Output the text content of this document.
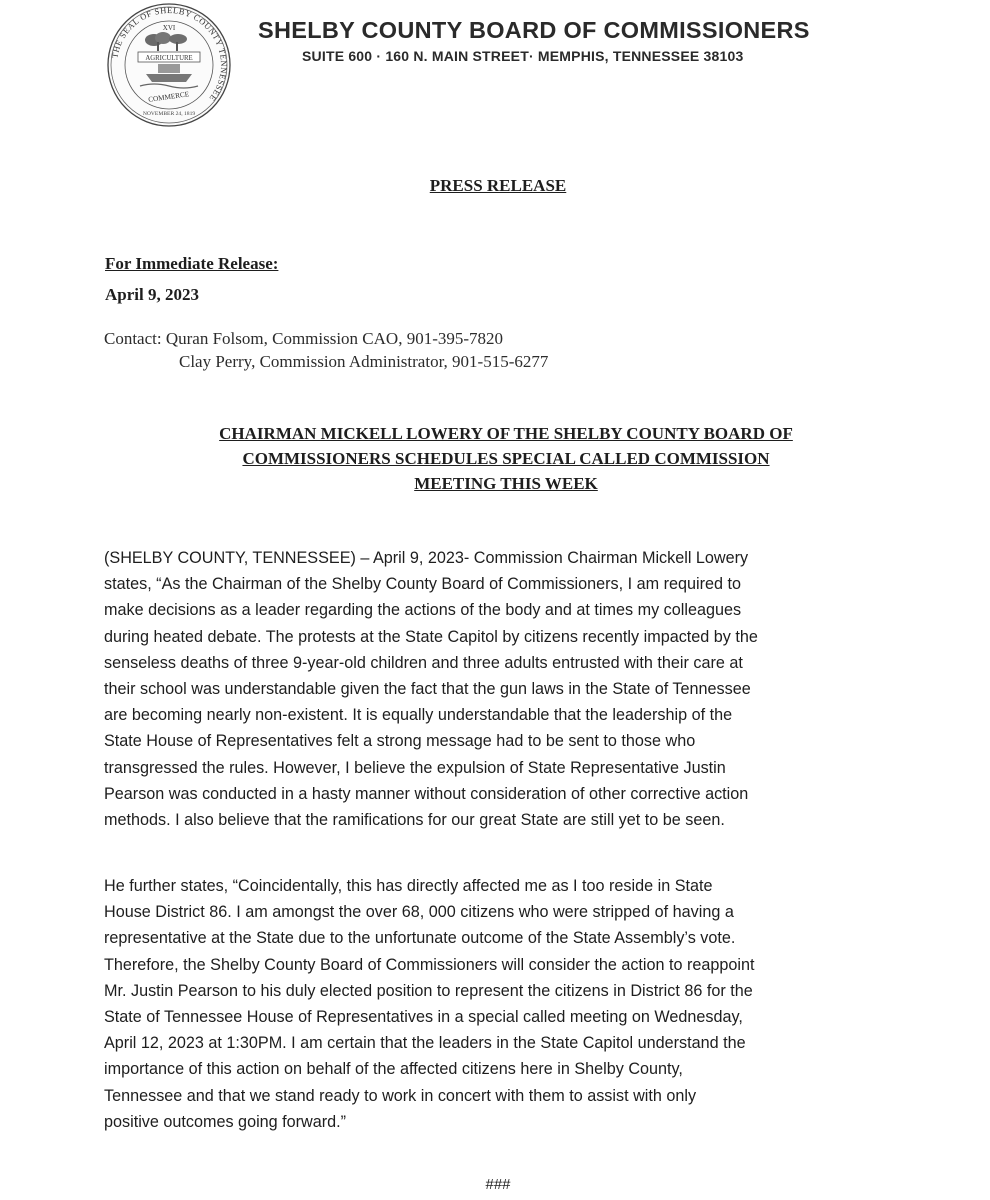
THE SEAL OF SHELBY COUNTY TENNESSEE
XVI
AGRICULTURE
COMMERCE
NOVEMBER 24, 1819
SHELBY COUNTY BOARD OF COMMISSIONERS
SUITE 600 · 160 N. MAIN STREET· MEMPHIS, TENNESSEE 38103
PRESS RELEASE
For Immediate Release:
April 9, 2023
Contact: Quran Folsom, Commission CAO, 901-395-7820
Clay Perry, Commission Administrator, 901-515-6277
CHAIRMAN MICKELL LOWERY OF THE SHELBY COUNTY BOARD OF
COMMISSIONERS SCHEDULES SPECIAL CALLED COMMISSION
MEETING THIS WEEK
(SHELBY COUNTY, TENNESSEE) – April 9, 2023- Commission Chairman Mickell Lowery
states, “As the Chairman of the Shelby County Board of Commissioners, I am required to
make decisions as a leader regarding the actions of the body and at times my colleagues
during heated debate. The protests at the State Capitol by citizens recently impacted by the
senseless deaths of three 9-year-old children and three adults entrusted with their care at
their school was understandable given the fact that the gun laws in the State of Tennessee
are becoming nearly non-existent. It is equally understandable that the leadership of the
State House of Representatives felt a strong message had to be sent to those who
transgressed the rules. However, I believe the expulsion of State Representative Justin
Pearson was conducted in a hasty manner without consideration of other corrective action
methods. I also believe that the ramifications for our great State are still yet to be seen.
He further states, “Coincidentally, this has directly affected me as I too reside in State
House District 86. I am amongst the over 68, 000 citizens who were stripped of having a
representative at the State due to the unfortunate outcome of the State Assembly’s vote.
Therefore, the Shelby County Board of Commissioners will consider the action to reappoint
Mr. Justin Pearson to his duly elected position to represent the citizens in District 86 for the
State of Tennessee House of Representatives in a special called meeting on Wednesday,
April 12, 2023 at 1:30PM. I am certain that the leaders in the State Capitol understand the
importance of this action on behalf of the affected citizens here in Shelby County,
Tennessee and that we stand ready to work in concert with them to assist with only
positive outcomes going forward.”
###
